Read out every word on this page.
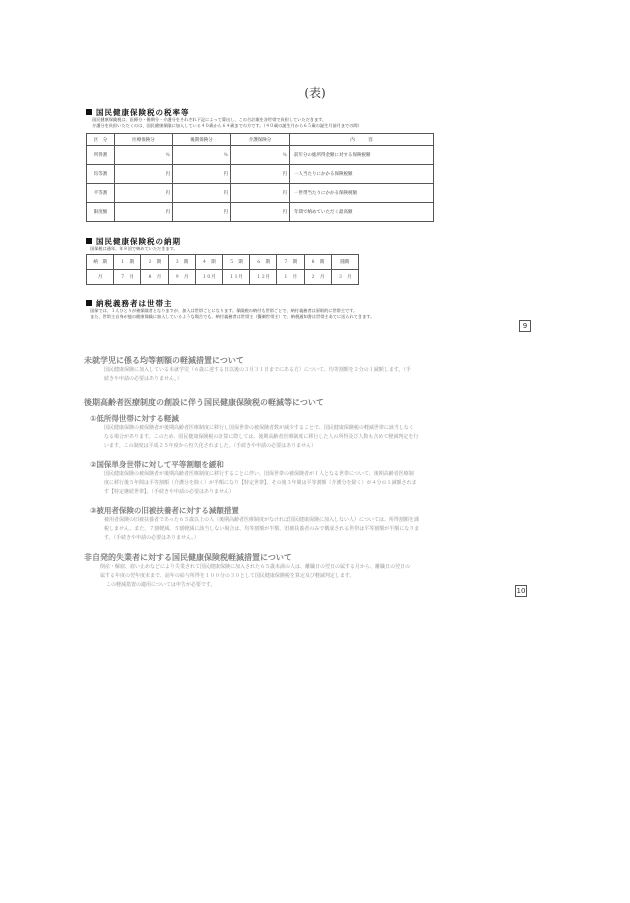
(表)
国民健康保険税の税率等
国民健康保険税は、医療分・後期分・介護分をそれぞれ下記によって算出し、この合計額を各世帯で負担していただきます。
介護分を負担いただくのは、国民健康保険に加入している４０歳から６４歳までの方です。（４０歳の誕生月から６５歳の誕生月前月までの間）
区　分	医療保険分	後期保険分	介護保険分	内　　　容
所得割	％	％	％	前年分の総所得金額に対する保険税額
均等割	円	円	円	一人当たりにかかる保険税額
平等割	円	円	円	一世帯当たりにかかる保険税額
限度額	円	円	円	年間で納めていただく最高額
国民健康保険税の納期
国保税は通年、年８回で納めていただきます。
納　期	１　期	２　期	３　期	４　期	５　期	６　期	７　期	８　期	随期
月	７　月	８　月	９　月	１０月	１１月	１２月	１　月	２　月	３　月
納税義務者は世帯主
国保では、１人ひとりが被保険者となりますが、加入は世帯ごとになります。保険税の納付も世帯ごとで、納付義務者は原則的に世帯主です。
また、世帯主自身が他の健康保険に加入しているような場合でも、納付義務者は世帯主（擬制世帯主）で、納税通知書は世帯主あてに送られてきます。
9
未就学児に係る均等割額の軽減措置について
国民健康保険に加入している未就学児（６歳に達する日以後の３月３１日までにある方）について、均等割額を２分の１減額します。（手
続きや申請の必要はありません。）
後期高齢者医療制度の創設に伴う国民健康保険税の軽減等について
①低所得世帯に対する軽減
国民健康保険の被保険者が後期高齢者医療制度に移行し国保世帯の被保険者数が減少することで、国民健康保険税の軽減世帯に該当しなく
なる場合があります。このため、国民健康保険税の計算に際しては、後期高齢者医療制度に移行した人の所得及び人数も含めて軽減判定を行
います。この制度は平成２５年度から恒久化されました。（手続きや申請の必要はありません）
②国保単身世帯に対して平等割額を緩和
国民健康保険の被保険者が後期高齢者医療制度に移行することに伴い、国保世帯の被保険者が１人となる世帯について、後期高齢者医療制
度に移行後５年間は平等割額（介護分を除く）が半額になり【特定世帯】、その後３年間は平等割額（介護分を除く）が４分の１減額されま
す【特定継続世帯】。（手続きや申請の必要はありません）
③被用者保険の旧被扶養者に対する減額措置
被用者保険の旧被扶養者であった６５歳以上の人（後期高齢者医療制度がなければ国民健康保険に加入しない人）については、所得割額を課
税しません。また、７割軽減、５割軽減に該当しない場合は、均等割額が半額、旧被扶養者のみで構成される世帯は平等割額が半額になりま
す。（手続きや申請の必要はありません。）
非自発的失業者に対する国民健康保険税軽減措置について
倒産・解雇、雇い止めなどにより失業されて国民健康保険に加入された６５歳未満の人は、離職日の翌日の属する月から、離職日の翌日の
属する年度の翌年度末まで、前年の給与所得を１００分の３０として国民健康保険税を算定及び軽減判定します。
この軽減措置の適用については申告が必要です。
10
